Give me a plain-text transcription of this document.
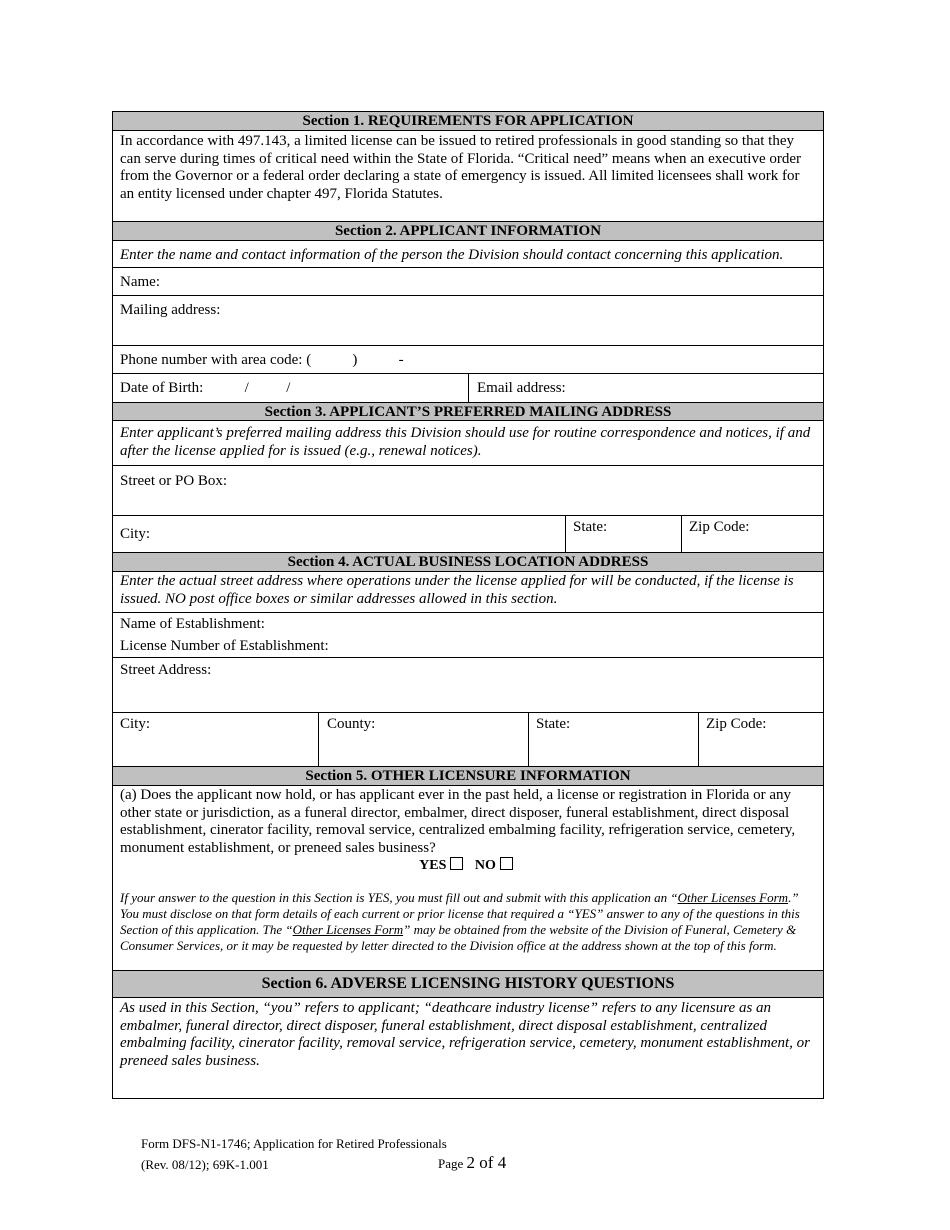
Section 1. REQUIREMENTS FOR APPLICATION
In accordance with 497.143, a limited license can be issued to retired professionals in good standing so that they can serve during times of critical need within the State of Florida. “Critical need” means when an executive order from the Governor or a federal order declaring a state of emergency is issued. All limited licensees shall work for an entity licensed under chapter 497, Florida Statutes.
Section 2. APPLICANT INFORMATION
Enter the name and contact information of the person the Division should contact concerning this application.
Name:
Mailing address:
Phone number with area code: (           )           -
Date of Birth:           /          /	Email address:
Section 3. APPLICANT’S PREFERRED MAILING ADDRESS
Enter applicant’s preferred mailing address this Division should use for routine correspondence and notices, if and after the license applied for is issued (e.g., renewal notices).
Street or PO Box:
City:	State:	Zip Code:
Section 4. ACTUAL BUSINESS LOCATION ADDRESS
Enter the actual street address where operations under the license applied for will be conducted, if the license is issued. NO post office boxes or similar addresses allowed in this section.
Name of Establishment:
License Number of Establishment:
Street Address:
City:	County:	State:	Zip Code:
Section 5. OTHER LICENSURE INFORMATION
(a) Does the applicant now hold, or has applicant ever in the past held, a license or registration in Florida or any other state or jurisdiction, as a funeral director, embalmer, direct disposer, funeral establishment, direct disposal establishment, cinerator facility, removal service, centralized embalming facility, refrigeration service, cemetery, monument establishment, or preneed sales business?
YES NO
If your answer to the question in this Section is YES, you must fill out and submit with this application an “Other Licenses Form.” You must disclose on that form details of each current or prior license that required a “YES” answer to any of the questions in this Section of this application. The “Other Licenses Form” may be obtained from the website of the Division of Funeral, Cemetery & Consumer Services, or it may be requested by letter directed to the Division office at the address shown at the top of this form.
Section 6. ADVERSE LICENSING HISTORY QUESTIONS
As used in this Section, “you” refers to applicant; “deathcare industry license” refers to any licensure as an embalmer, funeral director, direct disposer, funeral establishment, direct disposal establishment, centralized embalming facility, cinerator facility, removal service, refrigeration service, cemetery, monument establishment, or preneed sales business.
Form DFS-N1-1746; Application for Retired Professionals
(Rev. 08/12); 69K-1.001	Page 2 of 4
